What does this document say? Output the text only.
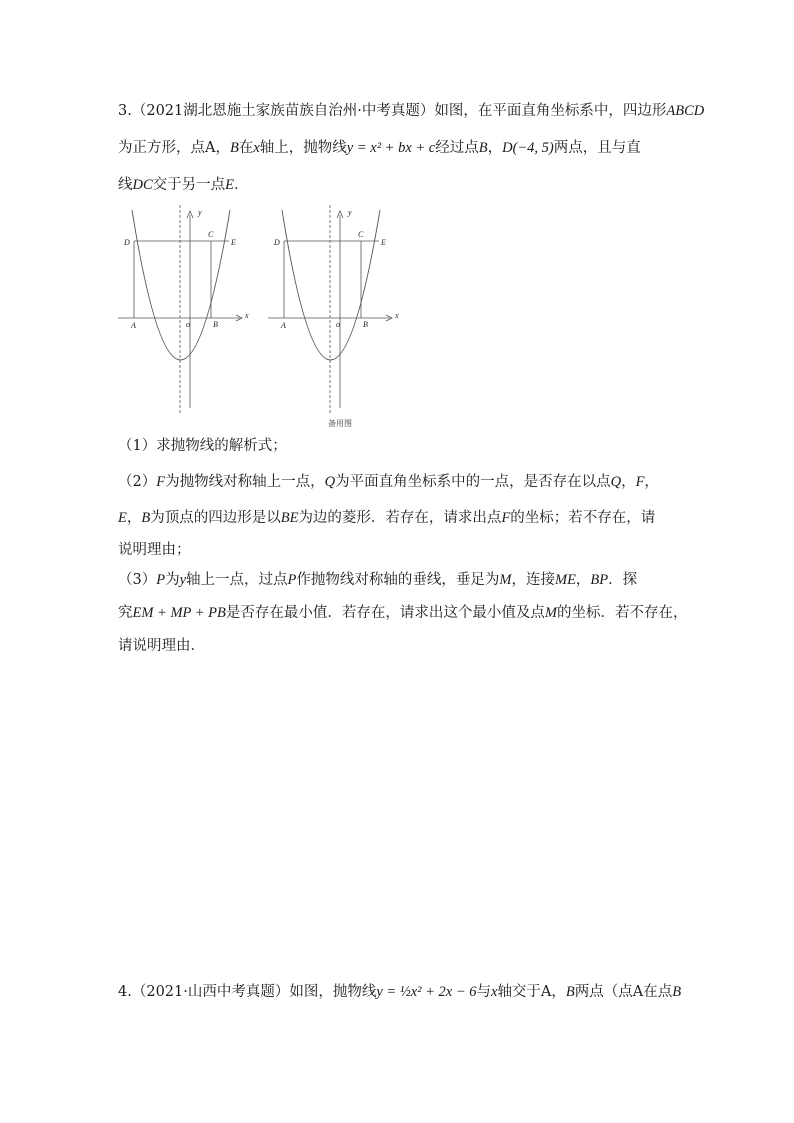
3.（2021湖北恩施土家族苗族自治州·中考真题）如图，在平面直角坐标系中，四边形ABCD
为正方形，点A，B在x轴上，抛物线y = x² + bx + c经过点B，D(−4, 5)两点，且与直
线DC交于另一点E．
D
C
E
A	o	B
y
x
D
C
E
A	o	B
y
x
备用图
（1）求抛物线的解析式；
（2）F为抛物线对称轴上一点，Q为平面直角坐标系中的一点，是否存在以点Q，F，
E，B为顶点的四边形是以BE为边的菱形．若存在，请求出点F的坐标；若不存在，请
说明理由；
（3）P为y轴上一点，过点P作抛物线对称轴的垂线，垂足为M，连接ME，BP．探
究EM + MP + PB是否存在最小值．若存在，请求出这个最小值及点M的坐标．若不存在，
请说明理由．
4.（2021·山西中考真题）如图，抛物线y = ½x² + 2x − 6与x轴交于A，B两点（点A在点B
